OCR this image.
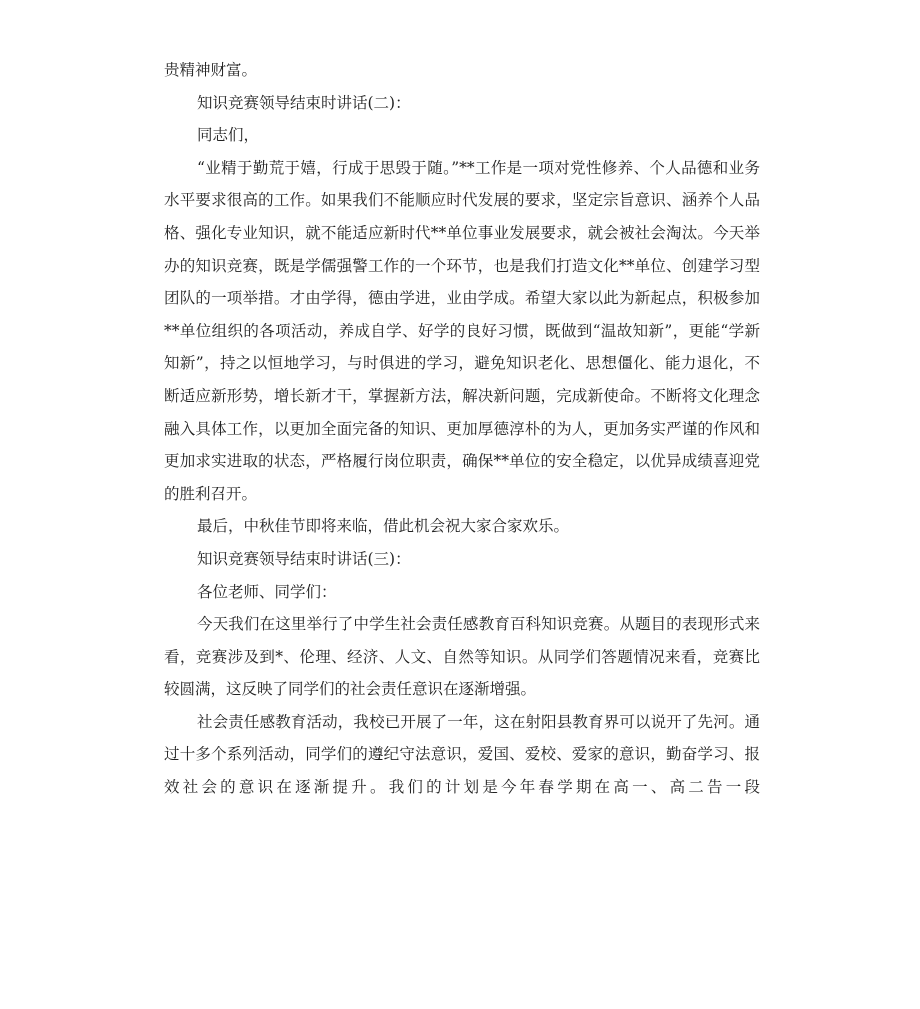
贵精神财富。

知识竞赛领导结束时讲话(二)：

同志们，

“业精于勤荒于嬉，行成于思毁于随。”**工作是一项对党性修养、个人品德和业务水平要求很高的工作。如果我们不能顺应时代发展的要求，坚定宗旨意识、涵养个人品格、强化专业知识，就不能适应新时代**单位事业发展要求，就会被社会淘汰。今天举办的知识竞赛，既是学儒强警工作的一个环节，也是我们打造文化**单位、创建学习型团队的一项举措。才由学得，德由学进，业由学成。希望大家以此为新起点，积极参加**单位组织的各项活动，养成自学、好学的良好习惯，既做到“温故知新”，更能“学新知新”，持之以恒地学习，与时俱进的学习，避免知识老化、思想僵化、能力退化，不断适应新形势，增长新才干，掌握新方法，解决新问题，完成新使命。不断将文化理念融入具体工作，以更加全面完备的知识、更加厚德淳朴的为人，更加务实严谨的作风和更加求实进取的状态，严格履行岗位职责，确保**单位的安全稳定，以优异成绩喜迎党的胜利召开。

最后，中秋佳节即将来临，借此机会祝大家合家欢乐。

知识竞赛领导结束时讲话(三)：

各位老师、同学们：

今天我们在这里举行了中学生社会责任感教育百科知识竞赛。从题目的表现形式来看，竞赛涉及到*、伦理、经济、人文、自然等知识。从同学们答题情况来看，竞赛比较圆满，这反映了同学们的社会责任意识在逐渐增强。

社会责任感教育活动，我校已开展了一年，这在射阳县教育界可以说开了先河。通过十多个系列活动，同学们的遵纪守法意识，爱国、爱校、爱家的意识，勤奋学习、报效社会的意识在逐渐提升。我们的计划是今年春学期在高一、高二告一段
